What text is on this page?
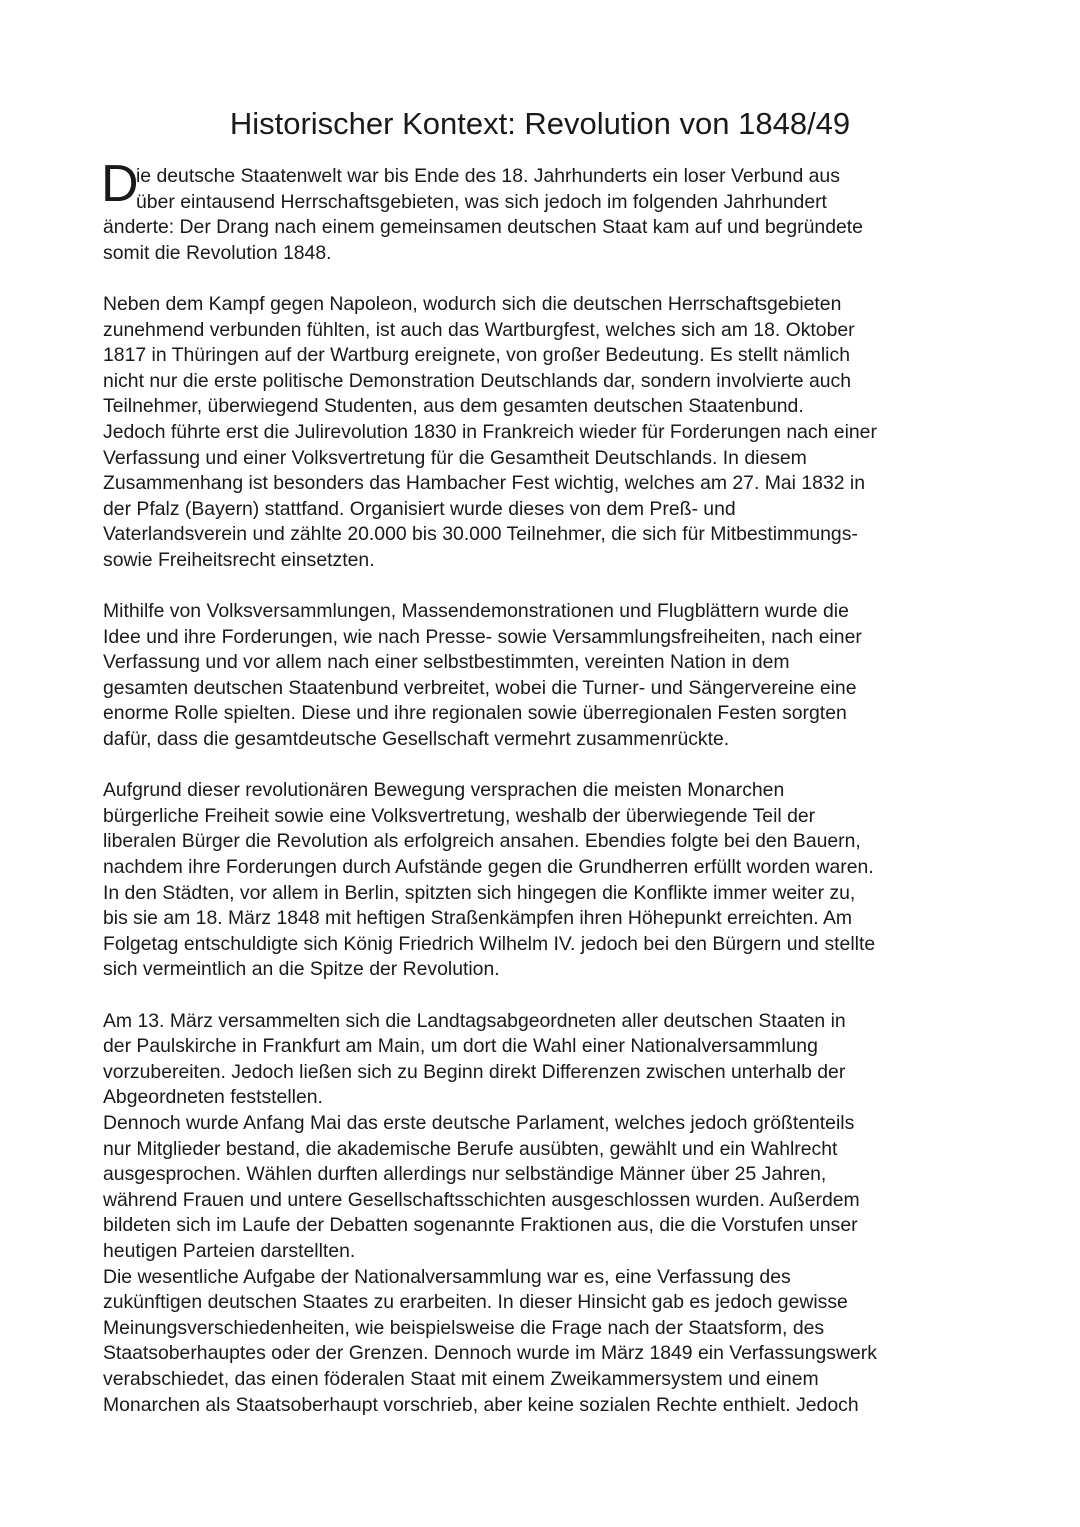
Historischer Kontext: Revolution von 1848/49
D
ie deutsche Staatenwelt war bis Ende des 18. Jahrhunderts ein loser Verbund aus
über eintausend Herrschaftsgebieten, was sich jedoch im folgenden Jahrhundert
änderte: Der Drang nach einem gemeinsamen deutschen Staat kam auf und begründete
somit die Revolution 1848.
Neben dem Kampf gegen Napoleon, wodurch sich die deutschen Herrschaftsgebieten
zunehmend verbunden fühlten, ist auch das Wartburgfest, welches sich am 18. Oktober
1817 in Thüringen auf der Wartburg ereignete, von großer Bedeutung. Es stellt nämlich
nicht nur die erste politische Demonstration Deutschlands dar, sondern involvierte auch
Teilnehmer, überwiegend Studenten, aus dem gesamten deutschen Staatenbund.
Jedoch führte erst die Julirevolution 1830 in Frankreich wieder für Forderungen nach einer
Verfassung und einer Volksvertretung für die Gesamtheit Deutschlands. In diesem
Zusammenhang ist besonders das Hambacher Fest wichtig, welches am 27. Mai 1832 in
der Pfalz (Bayern) stattfand. Organisiert wurde dieses von dem Preß- und
Vaterlandsverein und zählte 20.000 bis 30.000 Teilnehmer, die sich für Mitbestimmungs-
sowie Freiheitsrecht einsetzten.
Mithilfe von Volksversammlungen, Massendemonstrationen und Flugblättern wurde die
Idee und ihre Forderungen, wie nach Presse- sowie Versammlungsfreiheiten, nach einer
Verfassung und vor allem nach einer selbstbestimmten, vereinten Nation in dem
gesamten deutschen Staatenbund verbreitet, wobei die Turner- und Sängervereine eine
enorme Rolle spielten. Diese und ihre regionalen sowie überregionalen Festen sorgten
dafür, dass die gesamtdeutsche Gesellschaft vermehrt zusammenrückte.
Aufgrund dieser revolutionären Bewegung versprachen die meisten Monarchen
bürgerliche Freiheit sowie eine Volksvertretung, weshalb der überwiegende Teil der
liberalen Bürger die Revolution als erfolgreich ansahen. Ebendies folgte bei den Bauern,
nachdem ihre Forderungen durch Aufstände gegen die Grundherren erfüllt worden waren.
In den Städten, vor allem in Berlin, spitzten sich hingegen die Konflikte immer weiter zu,
bis sie am 18. März 1848 mit heftigen Straßenkämpfen ihren Höhepunkt erreichten. Am
Folgetag entschuldigte sich König Friedrich Wilhelm IV. jedoch bei den Bürgern und stellte
sich vermeintlich an die Spitze der Revolution.
Am 13. März versammelten sich die Landtagsabgeordneten aller deutschen Staaten in
der Paulskirche in Frankfurt am Main, um dort die Wahl einer Nationalversammlung
vorzubereiten. Jedoch ließen sich zu Beginn direkt Differenzen zwischen unterhalb der
Abgeordneten feststellen.
Dennoch wurde Anfang Mai das erste deutsche Parlament, welches jedoch größtenteils
nur Mitglieder bestand, die akademische Berufe ausübten, gewählt und ein Wahlrecht
ausgesprochen. Wählen durften allerdings nur selbständige Männer über 25 Jahren,
während Frauen und untere Gesellschaftsschichten ausgeschlossen wurden. Außerdem
bildeten sich im Laufe der Debatten sogenannte Fraktionen aus, die die Vorstufen unser
heutigen Parteien darstellten.
Die wesentliche Aufgabe der Nationalversammlung war es, eine Verfassung des
zukünftigen deutschen Staates zu erarbeiten. In dieser Hinsicht gab es jedoch gewisse
Meinungsverschiedenheiten, wie beispielsweise die Frage nach der Staatsform, des
Staatsoberhauptes oder der Grenzen. Dennoch wurde im März 1849 ein Verfassungswerk
verabschiedet, das einen föderalen Staat mit einem Zweikammersystem und einem
Monarchen als Staatsoberhaupt vorschrieb, aber keine sozialen Rechte enthielt. Jedoch
